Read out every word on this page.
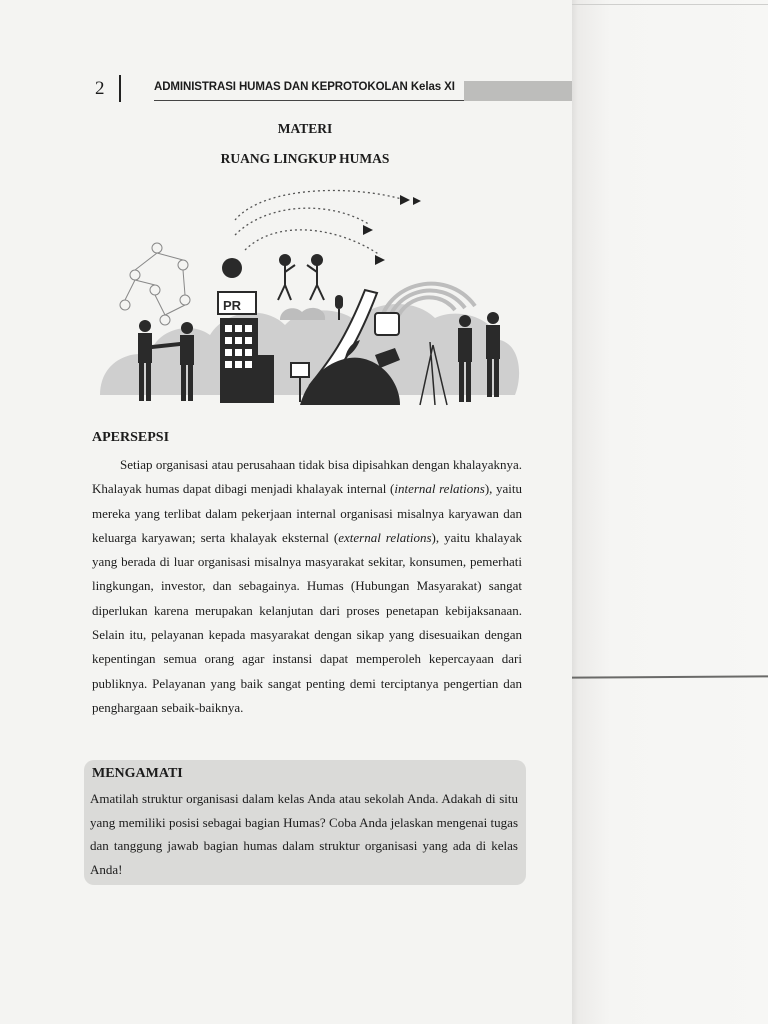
2	ADMINISTRASI HUMAS DAN KEPROTOKOLAN Kelas XI
MATERI
RUANG LINGKUP HUMAS
PR
APERSEPSI

Setiap organisasi atau perusahaan tidak bisa dipisahkan dengan khalayaknya. Khalayak humas dapat dibagi menjadi khalayak internal (internal relations), yaitu mereka yang terlibat dalam pekerjaan internal organisasi misalnya karyawan dan keluarga karyawan; serta khalayak eksternal (external relations), yaitu khalayak yang berada di luar organisasi misalnya masyarakat sekitar, konsumen, pemerhati lingkungan, investor, dan sebagainya. Humas (Hubungan Masyarakat) sangat diperlukan karena merupakan kelanjutan dari proses penetapan kebijaksanaan. Selain itu, pelayanan kepada masyarakat dengan sikap yang disesuaikan dengan kepentingan semua orang agar instansi dapat memperoleh kepercayaan dari publiknya. Pelayanan yang baik sangat penting demi terciptanya pengertian dan penghargaan sebaik-baiknya.

MENGAMATI

Amatilah struktur organisasi dalam kelas Anda atau sekolah Anda. Adakah di situ yang memiliki posisi sebagai bagian Humas? Coba Anda jelaskan mengenai tugas dan tanggung jawab bagian humas dalam struktur organisasi yang ada di kelas Anda!
